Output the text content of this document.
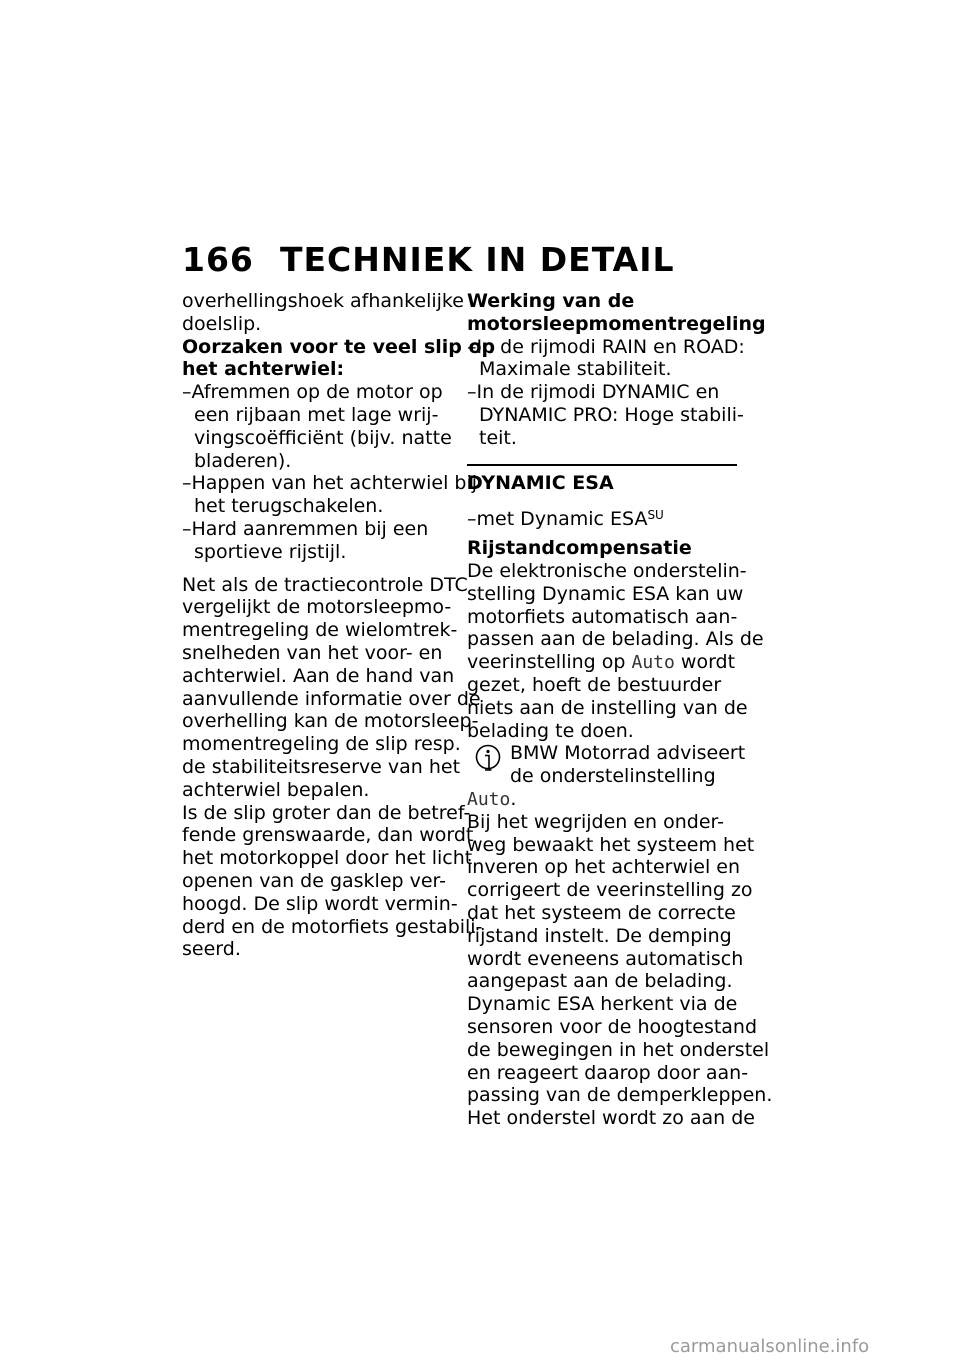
166 TECHNIEK IN DETAIL
overhellingshoek afhankelijke
doelslip.
Oorzaken voor te veel slip op
het achterwiel:
–Afremmen op de motor op
een rijbaan met lage wrij-
vingscoëfficiënt (bijv. natte
bladeren).
–Happen van het achterwiel bij
het terugschakelen.
–Hard aanremmen bij een
sportieve rijstijl.
Net als de tractiecontrole DTC
vergelijkt de motorsleepmo-
mentregeling de wielomtrek-
snelheden van het voor- en
achterwiel. Aan de hand van
aanvullende informatie over de
overhelling kan de motorsleep-
momentregeling de slip resp.
de stabiliteitsreserve van het
achterwiel bepalen.
Is de slip groter dan de betref-
fende grenswaarde, dan wordt
het motorkoppel door het licht
openen van de gasklep ver-
hoogd. De slip wordt vermin-
derd en de motorfiets gestabili-
seerd.
Werking van de
motorsleepmomentregeling
–In de rijmodi RAIN en ROAD:
Maximale stabiliteit.
–In de rijmodi DYNAMIC en
DYNAMIC PRO: Hoge stabili-
teit.
DYNAMIC ESA
–met Dynamic $ESA^{SU}$
Rijstandcompensatie
De elektronische onderstelin-
stelling Dynamic ESA kan uw
motorfiets automatisch aan-
passen aan de belading. Als de
veerinstelling op Auto wordt
gezet, hoeft de bestuurder
niets aan de instelling van de
belading te doen.
BMW Motorrad adviseert
de onderstelinstelling
Auto.
Bij het wegrijden en onder-
weg bewaakt het systeem het
inveren op het achterwiel en
corrigeert de veerinstelling zo
dat het systeem de correcte
rijstand instelt. De demping
wordt eveneens automatisch
aangepast aan de belading.
Dynamic ESA herkent via de
sensoren voor de hoogtestand
de bewegingen in het onderstel
en reageert daarop door aan-
passing van de demperkleppen.
Het onderstel wordt zo aan de
carmanualsonline.info
